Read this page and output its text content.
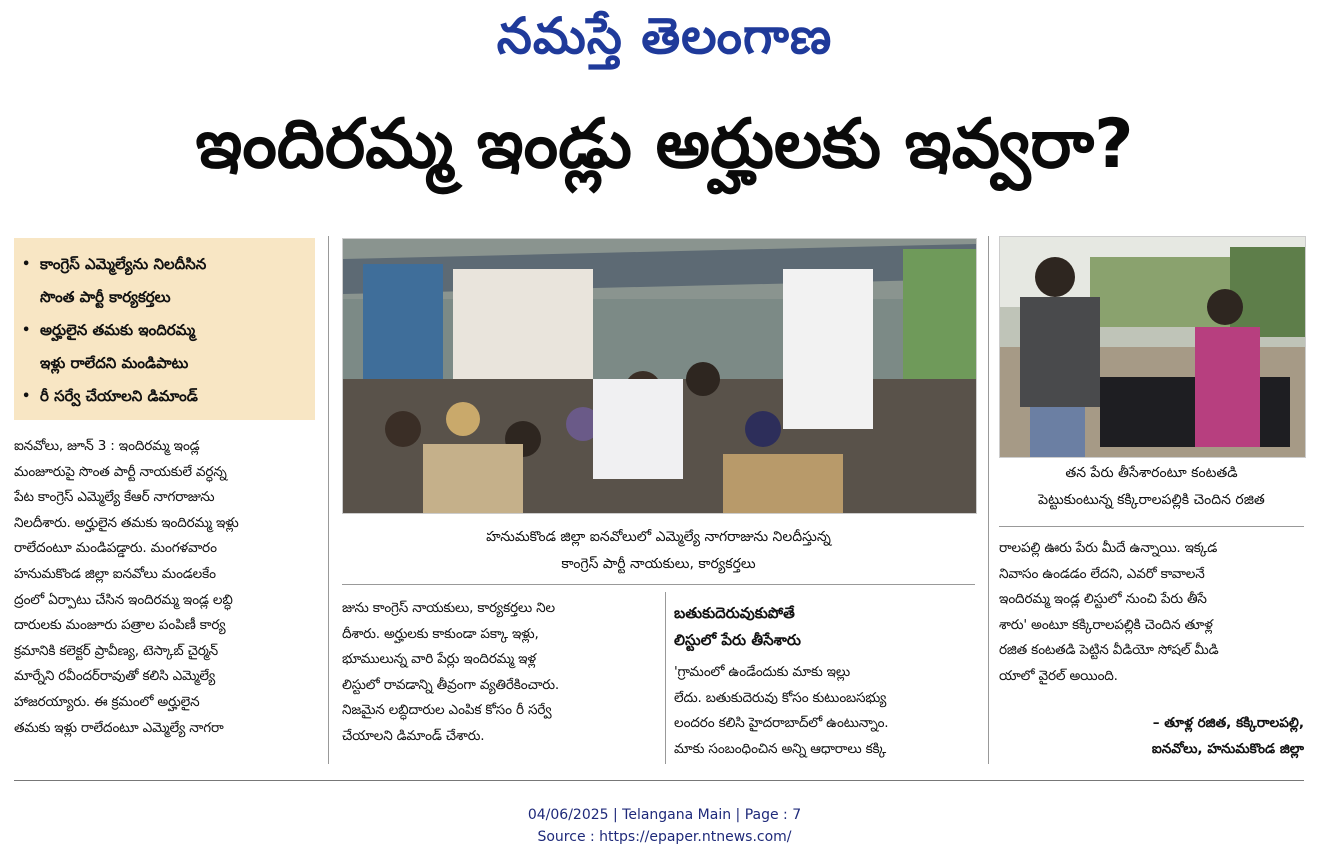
నమస్తే తెలంగాణ
ఇందిరమ్మ ఇండ్లు అర్హులకు ఇవ్వరా?
• కాంగ్రెస్ ఎమ్మెల్యేను నిలదీసిన
సొంత పార్టీ కార్యకర్తలు
• అర్హులైన తమకు ఇందిరమ్మ
ఇళ్లు రాలేదని మండిపాటు
• రీ సర్వే చేయాలని డిమాండ్
ఐనవోలు, జూన్ 3 : ఇందిరమ్మ ఇండ్ల
మంజూరుపై సొంత పార్టీ నాయకులే వర్ధన్న
పేట కాంగ్రెస్ ఎమ్మెల్యే కేఆర్ నాగరాజును
నిలదీశారు. అర్హులైన తమకు ఇందిరమ్మ ఇళ్లు
రాలేదంటూ మండిపడ్డారు. మంగళవారం
హనుమకొండ జిల్లా ఐనవోలు మండలకేం
ద్రంలో ఏర్పాటు చేసిన ఇందిరమ్మ ఇండ్ల లబ్ధి
దారులకు మంజూరు పత్రాల పంపిణీ కార్య
క్రమానికి కలెక్టర్ ప్రావీణ్య, టెస్కాబ్ చైర్మన్
మార్నేని రవీందర్‌రావుతో కలిసి ఎమ్మెల్యే
హాజరయ్యారు. ఈ క్రమంలో అర్హులైన
తమకు ఇళ్లు రాలేదంటూ ఎమ్మెల్యే నాగరా
హనుమకొండ జిల్లా ఐనవోలులో ఎమ్మెల్యే నాగరాజును నిలదీస్తున్న
కాంగ్రెస్ పార్టీ నాయకులు, కార్యకర్తలు
జును కాంగ్రెస్ నాయకులు, కార్యకర్తలు నిల
దీశారు. అర్హులకు కాకుండా పక్కా ఇళ్లు,
భూములున్న వారి పేర్లు ఇందిరమ్మ ఇళ్ల
లిస్టులో రావడాన్ని తీవ్రంగా వ్యతిరేకించారు.
నిజమైన లబ్ధిదారుల ఎంపిక కోసం రీ సర్వే
చేయాలని డిమాండ్ చేశారు.
బతుకుదెరువుకుపోతే
లిస్టులో పేరు తీసేశారు
'గ్రామంలో ఉండేందుకు మాకు ఇల్లు
లేదు. బతుకుదెరువు కోసం కుటుంబసభ్యు
లందరం కలిసి హైదరాబాద్‌లో ఉంటున్నాం.
మాకు సంబంధించిన అన్ని ఆధారాలు కక్కి
తన పేరు తీసేశారంటూ కంటతడి
పెట్టుకుంటున్న కక్కిరాలపల్లికి చెందిన రజిత
రాలపల్లి ఊరు పేరు మీదే ఉన్నాయి. ఇక్కడ
నివాసం ఉండడం లేదని, ఎవరో కావాలనే
ఇందిరమ్మ ఇండ్ల లిస్టులో నుంచి పేరు తీసే
శారు' అంటూ కక్కిరాలపల్లికి చెందిన తూళ్ల
రజిత కంటతడి పెట్టిన వీడియో సోషల్ మీడి
యాలో వైరల్ అయింది.
– తూళ్ల రజిత, కక్కిరాలపల్లి,
ఐనవోలు, హనుమకొండ జిల్లా
04/06/2025 | Telangana Main | Page : 7
Source : https://epaper.ntnews.com/
